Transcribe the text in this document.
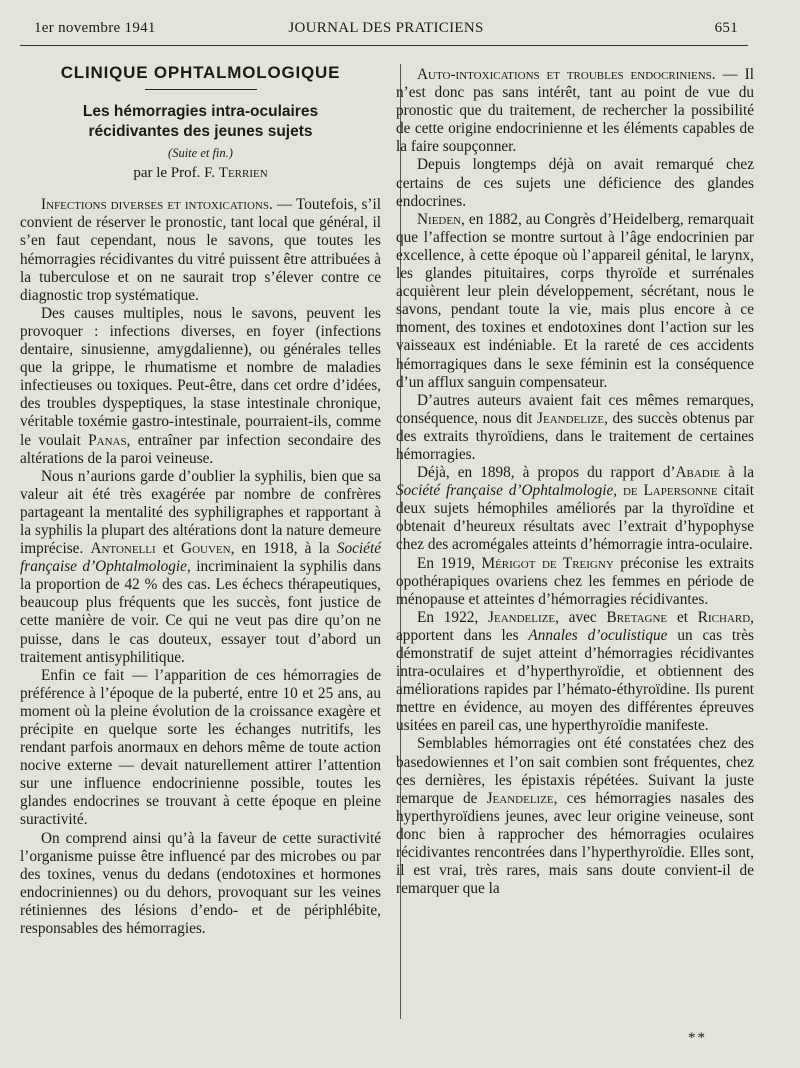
1er novembre 1941	JOURNAL DES PRATICIENS	651
CLINIQUE OPHTALMOLOGIQUE
Les hémorragies intra-oculaires
récidivantes des jeunes sujets
(Suite et fin.)
par le Prof. F. Terrien

Infections diverses et intoxications. — Toutefois, s’il convient de réserver le pronostic, tant local que général, il s’en faut cependant, nous le savons, que toutes les hémorragies récidivantes du vitré puissent être attribuées à la tuberculose et on ne saurait trop s’élever contre ce diagnostic trop systématique.

Des causes multiples, nous le savons, peuvent les provoquer : infections diverses, en foyer (infections dentaire, sinusienne, amygdalienne), ou générales telles que la grippe, le rhumatisme et nombre de maladies infectieuses ou toxiques. Peut-être, dans cet ordre d’idées, des troubles dyspeptiques, la stase intestinale chronique, véritable toxémie gastro-intestinale, pourraient-ils, comme le voulait Panas, entraîner par infection secondaire des altérations de la paroi veineuse.

Nous n’aurions garde d’oublier la syphilis, bien que sa valeur ait été très exagérée par nombre de confrères partageant la mentalité des syphiligraphes et rapportant à la syphilis la plupart des altérations dont la nature demeure imprécise. Antonelli et Gouven, en 1918, à la Société française d’Ophtalmologie, incriminaient la syphilis dans la proportion de 42 % des cas. Les échecs thérapeutiques, beaucoup plus fréquents que les succès, font justice de cette manière de voir. Ce qui ne veut pas dire qu’on ne puisse, dans le cas douteux, essayer tout d’abord un traitement antisyphilitique.

Enfin ce fait — l’apparition de ces hémorragies de préférence à l’époque de la puberté, entre 10 et 25 ans, au moment où la pleine évolution de la croissance exagère et précipite en quelque sorte les échanges nutritifs, les rendant parfois anormaux en dehors même de toute action nocive externe — devait naturellement attirer l’attention sur une influence endocrinienne possible, toutes les glandes endocrines se trouvant à cette époque en pleine suractivité.

On comprend ainsi qu’à la faveur de cette suractivité l’organisme puisse être influencé par des microbes ou par des toxines, venus du dedans (endotoxines et hormones endocriniennes) ou du dehors, provoquant sur les veines rétiniennes des lésions d’endo- et de périphlébite, responsables des hémorragies.

Auto-intoxications et troubles endocriniens. — Il n’est donc pas sans intérêt, tant au point de vue du pronostic que du traitement, de rechercher la possibilité de cette origine endocrinienne et les éléments capables de la faire soupçonner.

Depuis longtemps déjà on avait remarqué chez certains de ces sujets une déficience des glandes endocrines.

Nieden, en 1882, au Congrès d’Heidelberg, remarquait que l’affection se montre surtout à l’âge endocrinien par excellence, à cette époque où l’appareil génital, le larynx, les glandes pituitaires, corps thyroïde et surrénales acquièrent leur plein développement, sécrétant, nous le savons, pendant toute la vie, mais plus encore à ce moment, des toxines et endotoxines dont l’action sur les vaisseaux est indéniable. Et la rareté de ces accidents hémorragiques dans le sexe féminin est la conséquence d’un afflux sanguin compensateur.

D’autres auteurs avaient fait ces mêmes remarques, conséquence, nous dit Jeandelize, des succès obtenus par des extraits thyroïdiens, dans le traitement de certaines hémorragies.

Déjà, en 1898, à propos du rapport d’Abadie à la Société française d’Ophtalmologie, de Lapersonne citait deux sujets hémophiles améliorés par la thyroïdine et obtenait d’heureux résultats avec l’extrait d’hypophyse chez des acromégales atteints d’hémorragie intra-oculaire.

En 1919, Mérigot de Treigny préconise les extraits opothérapiques ovariens chez les femmes en période de ménopause et atteintes d’hémorragies récidivantes.

En 1922, Jeandelize, avec Bretagne et Richard, apportent dans les Annales d’oculistique un cas très démonstratif de sujet atteint d’hémorragies récidivantes intra-oculaires et d’hyperthyroïdie, et obtiennent des améliorations rapides par l’hémato-éthyroïdine. Ils purent mettre en évidence, au moyen des différentes épreuves usitées en pareil cas, une hyperthyroïdie manifeste.

Semblables hémorragies ont été constatées chez des basedowiennes et l’on sait combien sont fréquentes, chez ces dernières, les épistaxis répétées. Suivant la juste remarque de Jeandelize, ces hémorragies nasales des hyperthyroïdiens jeunes, avec leur origine veineuse, sont donc bien à rapprocher des hémorragies oculaires récidivantes rencontrées dans l’hyperthyroïdie. Elles sont, il est vrai, très rares, mais sans doute convient-il de remarquer que la

**
